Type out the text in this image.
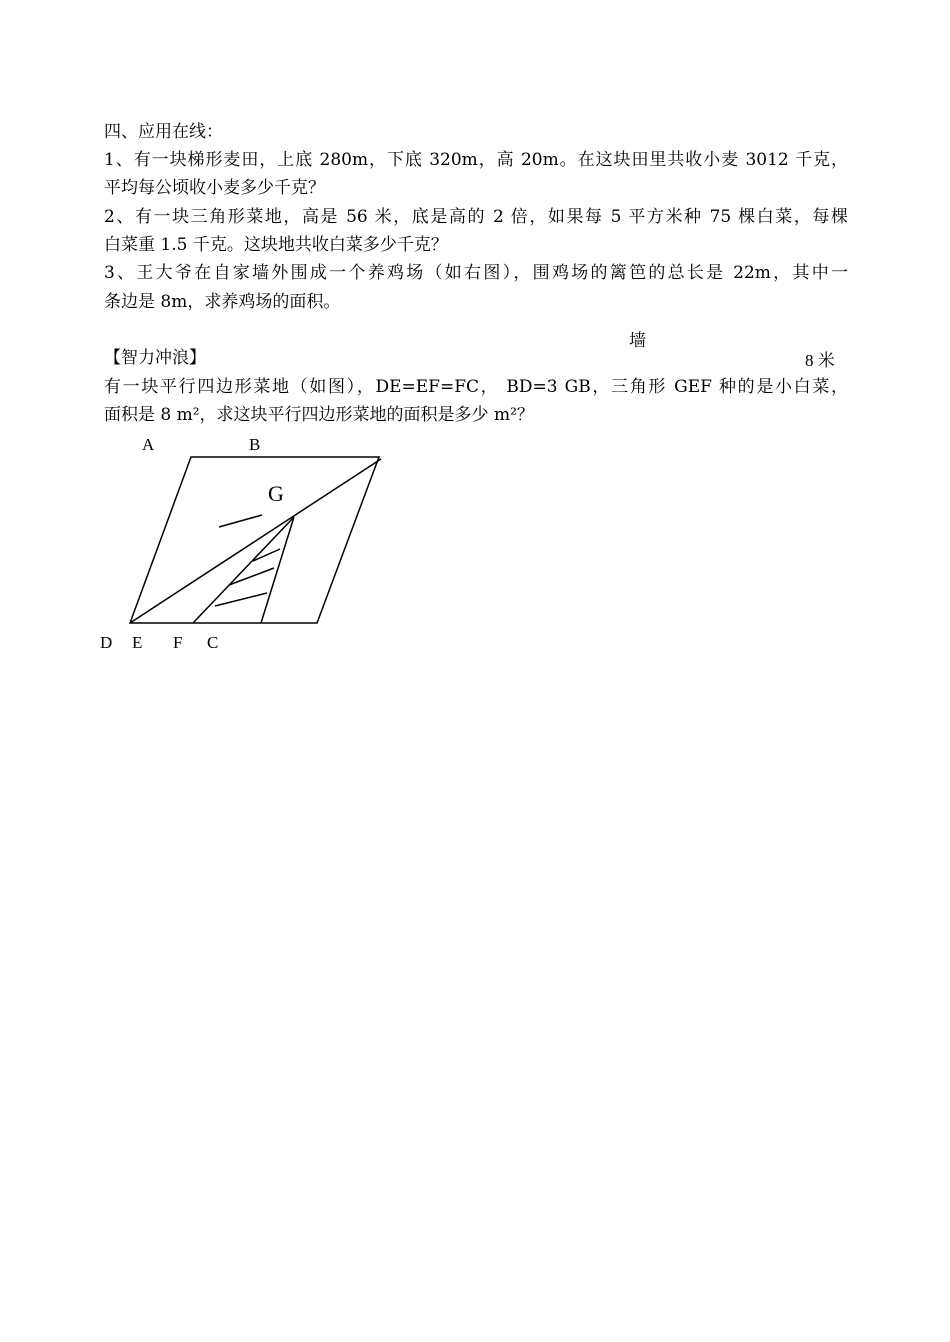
四、应用在线：
1、有一块梯形麦田，上底 280m，下底 320m，高 20m。在这块田里共收小麦 3012 千克，
平均每公顷收小麦多少千克？
2、有一块三角形菜地，高是 56 米，底是高的 2 倍，如果每 5 平方米种 75 棵白菜，每棵
白菜重 1.5 千克。这块地共收白菜多少千克？
3、王大爷在自家墙外围成一个养鸡场（如右图），围鸡场的篱笆的总长是 22m，其中一
条边是 8m，求养鸡场的面积。
墙
8 米
【智力冲浪】
有一块平行四边形菜地（如图），DE=EF=FC， BD=3 GB，三角形 GEF 种的是小白菜，
面积是 8 m²，求这块平行四边形菜地的面积是多少 m²？
A	B
G
D E F C
